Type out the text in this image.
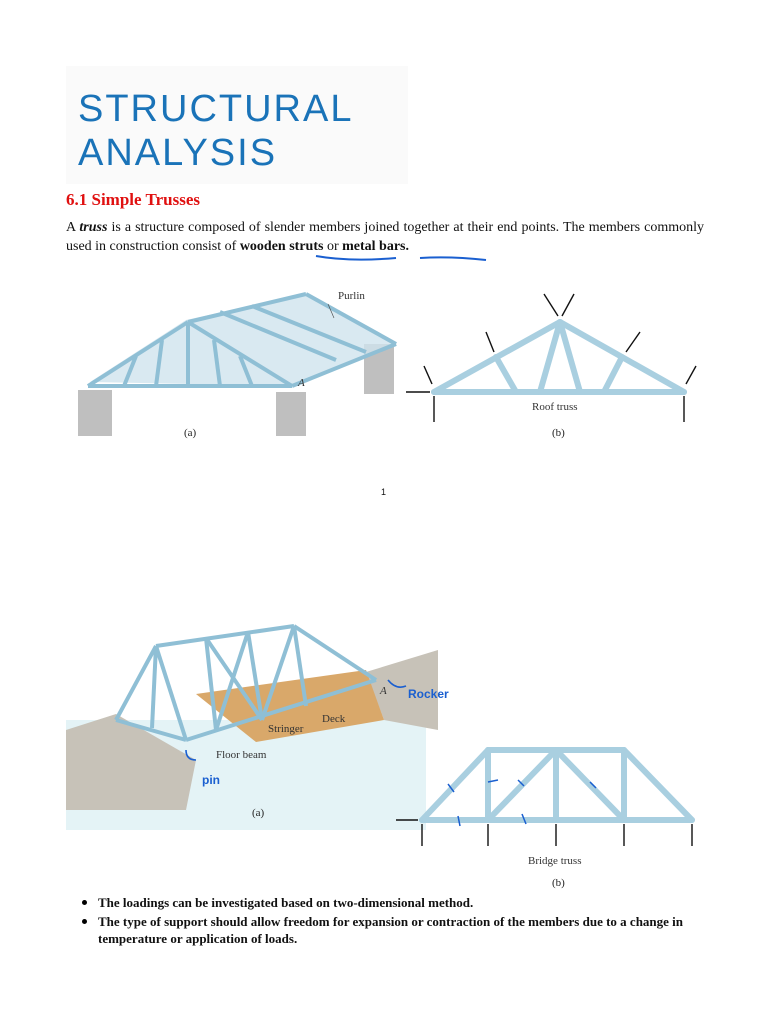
STRUCTURAL
ANALYSIS
6.1 Simple Trusses
A truss is a structure composed of slender members joined together at their end points. The members commonly used in construction consist of wooden struts or metal bars.
Purlin
A
(a)
Roof truss
(b)
1
Deck
Stringer
Floor beam
A Rocker
pin
(a)
Bridge truss
(b)
The loadings can be investigated based on two-dimensional method.
The type of support should allow freedom for expansion or contraction of the members due to a change in temperature or application of loads.
